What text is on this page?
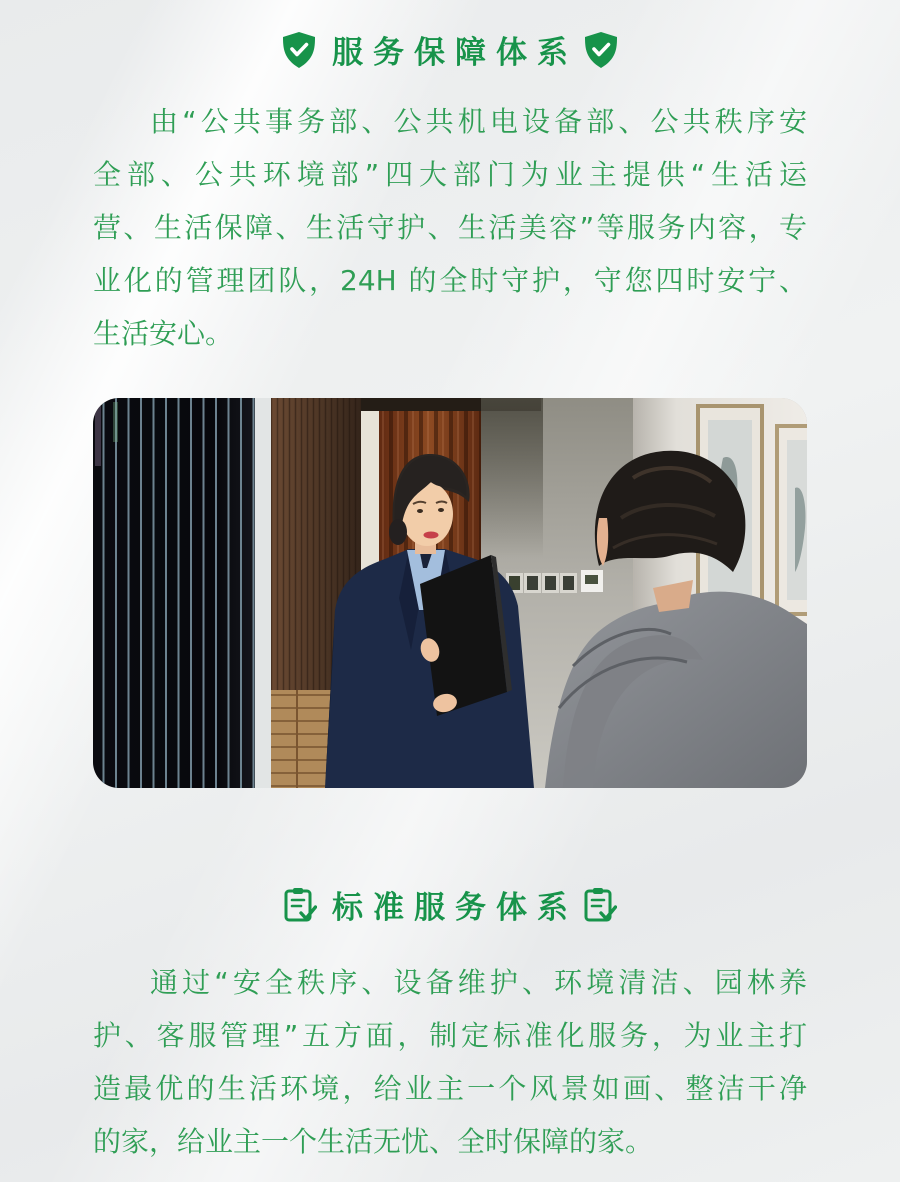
服务保障体系
由“公共事务部、公共机电设备部、公共秩序安
全部、公共环境部”四大部门为业主提供“生活运
营、生活保障、生活守护、生活美容”等服务内容，专
业化的管理团队，24H 的全时守护，守您四时安宁、
生活安心。
标准服务体系
通过“安全秩序、设备维护、环境清洁、园林养
护、客服管理”五方面，制定标准化服务，为业主打
造最优的生活环境，给业主一个风景如画、整洁干净
的家，给业主一个生活无忧、全时保障的家。
